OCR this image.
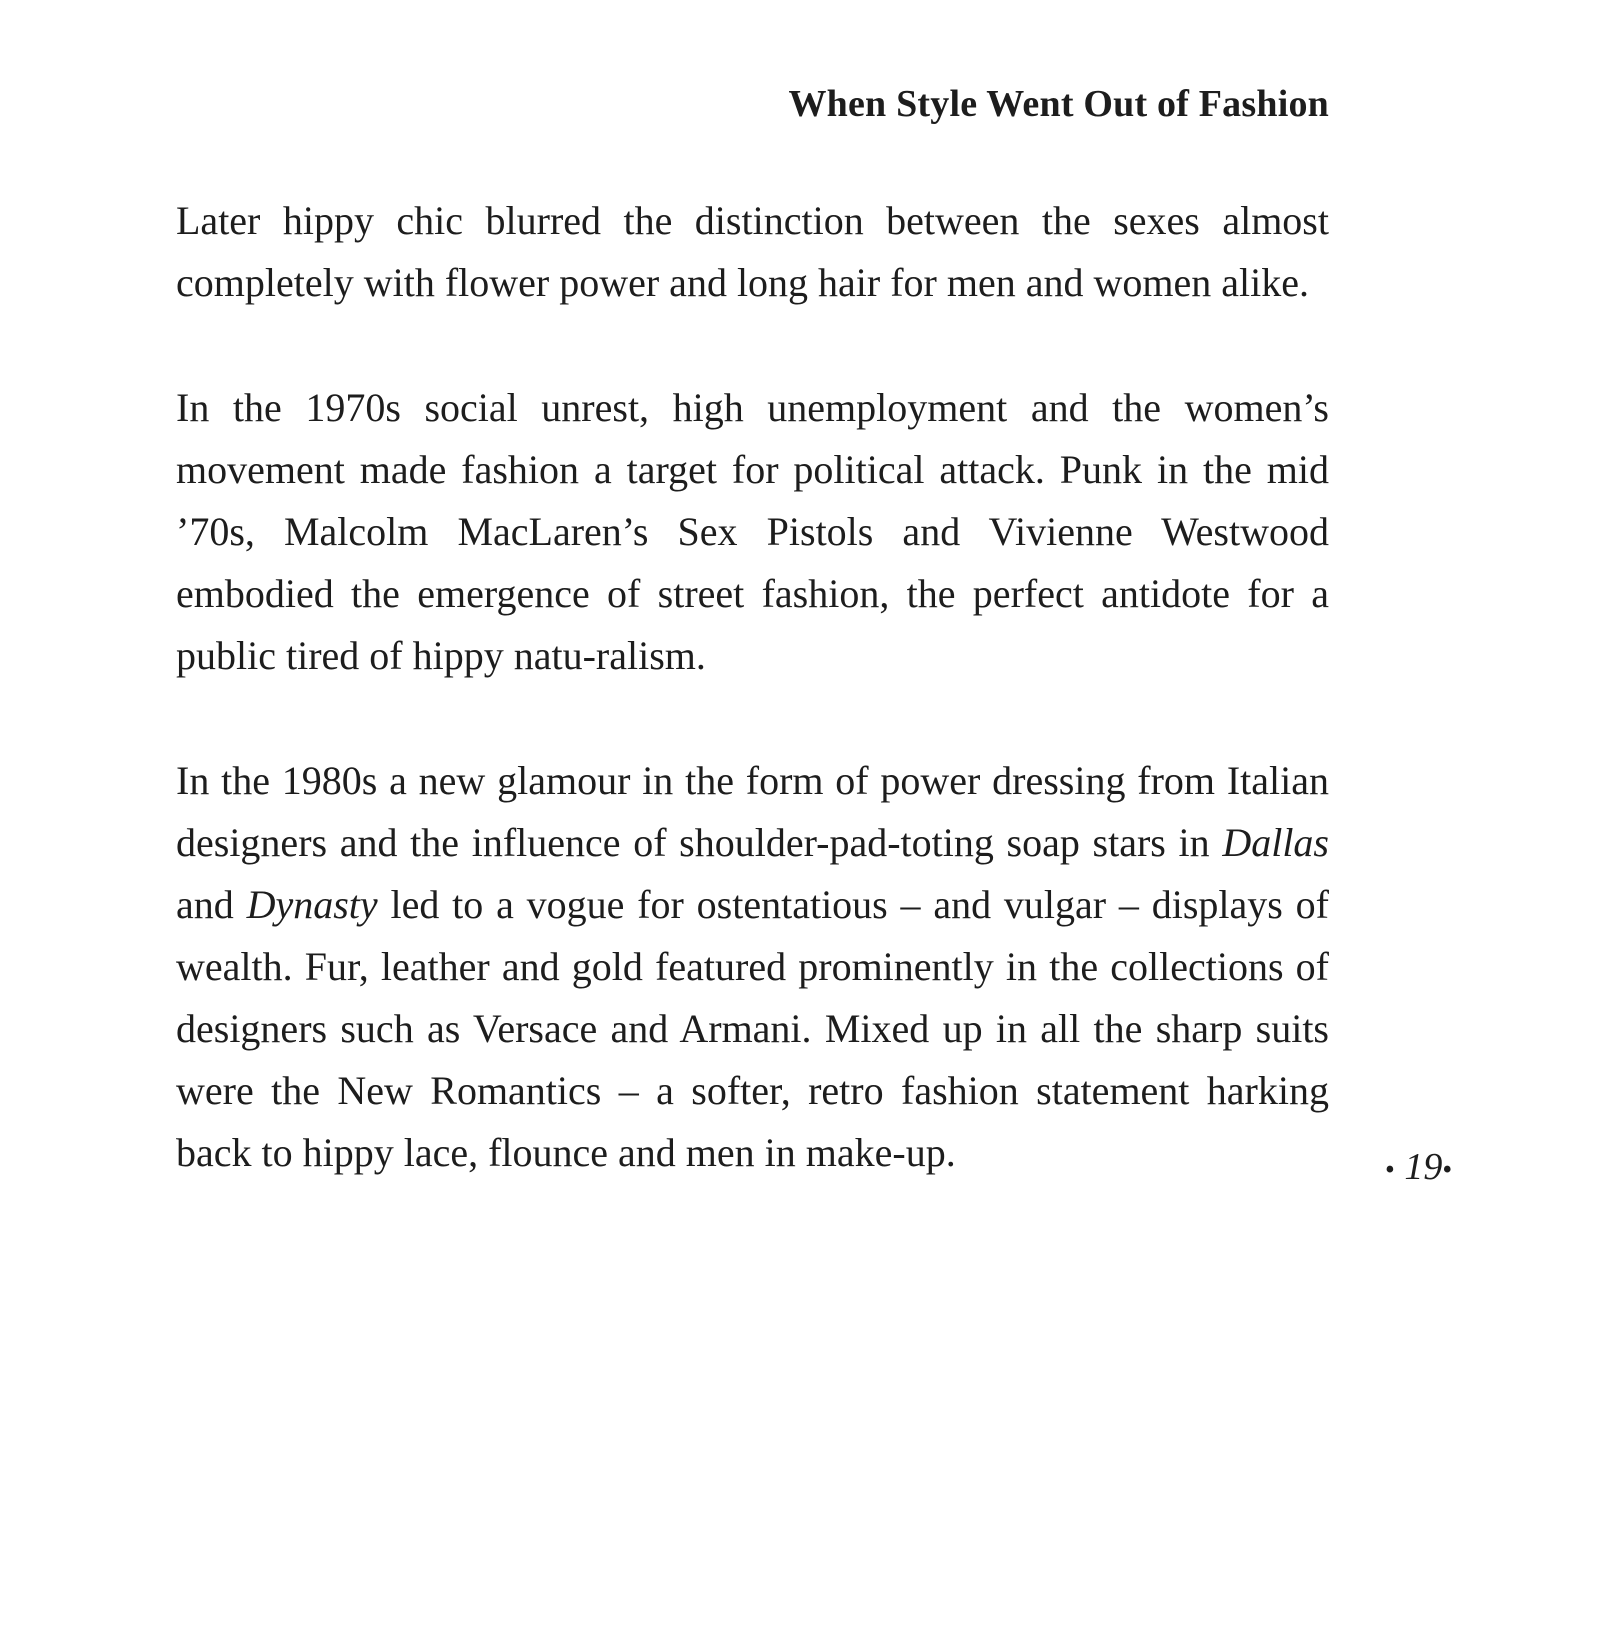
When Style Went Out of Fashion

Later hippy chic blurred the distinction between the sexes almost completely with flower power and long hair for men and women alike.

In the 1970s social unrest, high unemployment and the women’s movement made fashion a target for political attack. Punk in the mid ’70s, Malcolm MacLaren’s Sex Pistols and Vivienne Westwood embodied the emergence of street fashion, the perfect antidote for a public tired of hippy natu-ralism.

In the 1980s a new glamour in the form of power dressing from Italian designers and the influence of shoulder-pad-toting soap stars in Dallas and Dynasty led to a vogue for ostentatious – and vulgar – displays of wealth. Fur, leather and gold featured prominently in the collections of designers such as Versace and Armani. Mixed up in all the sharp suits were the New Romantics – a softer, retro fashion statement harking back to hippy lace, flounce and men in make-up.	• 19•
